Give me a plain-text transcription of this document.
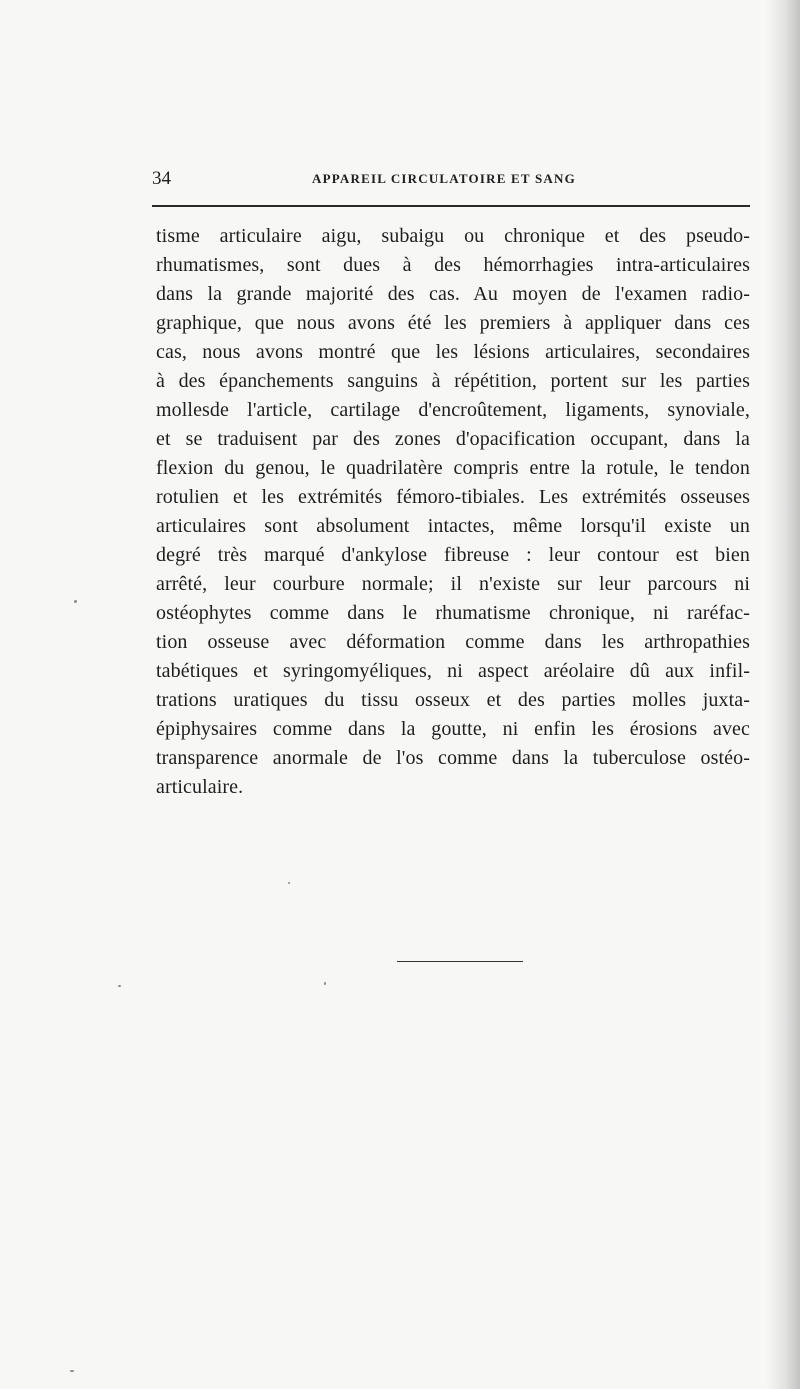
34	APPAREIL CIRCULATOIRE ET SANG
tisme articulaire aigu, subaigu ou chronique et des pseudo-
rhumatismes, sont dues à des hémorrhagies intra-articulaires
dans la grande majorité des cas. Au moyen de l'examen radio-
graphique, que nous avons été les premiers à appliquer dans ces
cas, nous avons montré que les lésions articulaires, secondaires
à des épanchements sanguins à répétition, portent sur les parties
mollesde l'article, cartilage d'encroûtement, ligaments, synoviale,
et se traduisent par des zones d'opacification occupant, dans la
flexion du genou, le quadrilatère compris entre la rotule, le tendon
rotulien et les extrémités fémoro-tibiales. Les extrémités osseuses
articulaires sont absolument intactes, même lorsqu'il existe un
degré très marqué d'ankylose fibreuse : leur contour est bien
arrêté, leur courbure normale; il n'existe sur leur parcours ni
ostéophytes comme dans le rhumatisme chronique, ni raréfac-
tion osseuse avec déformation comme dans les arthropathies
tabétiques et syringomyéliques, ni aspect aréolaire dû aux infil-
trations uratiques du tissu osseux et des parties molles juxta-
épiphysaires comme dans la goutte, ni enfin les érosions avec
transparence anormale de l'os comme dans la tuberculose ostéo-
articulaire.
